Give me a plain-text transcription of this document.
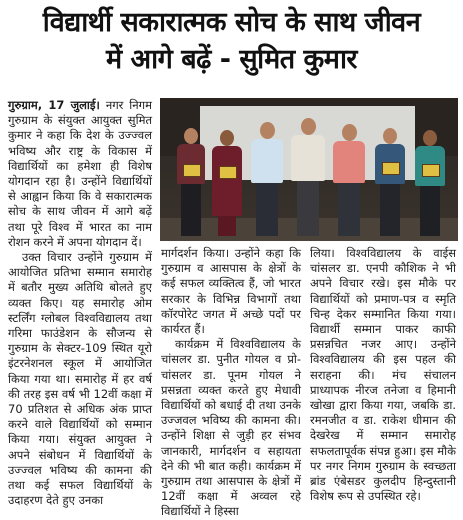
विद्यार्थी सकारात्मक सोच के साथ जीवन
में आगे बढ़ें - सुमित कुमार

गुरुग्राम, 17 जुलाई। नगर निगम गुरुग्राम के संयुक्त आयुक्त सुमित कुमार ने कहा कि देश के उज्ज्वल भविष्य और राष्ट्र के विकास में विद्यार्थियों का हमेशा ही विशेष योगदान रहा है। उन्होंने विद्यार्थियों से आह्वान किया कि वे सकारात्मक सोच के साथ जीवन में आगे बढ़ें तथा पूरे विश्व में भारत का नाम रोशन करने में अपना योगदान दें।

उक्त विचार उन्होंने गुरुग्राम में आयोजित प्रतिभा सम्मान समारोह में बतौर मुख्य अतिथि बोलते हुए व्यक्त किए। यह समारोह ओम स्टर्लिंग ग्लोबल विश्वविद्यालय तथा गरिमा फाउंडेशन के सौजन्य से गुरुग्राम के सेक्टर-109 स्थित यूरो इंटरनेशनल स्कूल में आयोजित किया गया था। समारोह में हर वर्ष की तरह इस वर्ष भी 12वीं कक्षा में 70 प्रतिशत से अधिक अंक प्राप्त करने वाले विद्यार्थियों को सम्मान किया गया। संयुक्त आयुक्त ने अपने संबोधन में विद्यार्थियों के उज्ज्वल भविष्य की कामना की तथा कई सफल विद्यार्थियों के उदाहरण देते हुए उनका

मार्गदर्शन किया। उन्होंने कहा कि गुरुग्राम व आसपास के क्षेत्रों के कई सफल व्यक्तित्व हैं, जो भारत सरकार के विभिन्न विभागों तथा कॉरपोरेट जगत में अच्छे पदों पर कार्यरत हैं।

कार्यक्रम में विश्वविद्यालय के चांसलर डा. पुनीत गोयल व प्रो-चांसलर डा. पूनम गोयल ने प्रसन्नता व्यक्त करते हुए मेधावी विद्यार्थियों को बधाई दी तथा उनके उज्जवल भविष्य की कामना की। उन्होंने शिक्षा से जुड़ी हर संभव जानकारी, मार्गदर्शन व सहायता देने की भी बात कही। कार्यक्रम में गुरुग्राम तथा आसपास के क्षेत्रों में 12वीं कक्षा में अव्वल रहे विद्यार्थियों ने हिस्सा

लिया। विश्वविद्यालय के वाईस चांसलर डा. एनपी कौशिक ने भी अपने विचार रखे। इस मौके पर विद्यार्थियों को प्रमाण-पत्र व स्मृति चिन्ह देकर सम्मानित किया गया। विद्यार्थी सम्मान पाकर काफी प्रसन्नचित नजर आए। उन्होंने विश्वविद्यालय की इस पहल की सराहना की। मंच संचालन प्राध्यापक नीरज तनेजा व हिमानी खोखा द्वारा किया गया, जबकि डा. रमनजीत व डा. राकेश धीमान की देखरेख में सम्मान समारोह सफलतापूर्वक संपन्न हुआ। इस मौके पर नगर निगम गुरुग्राम के स्वच्छता ब्रांड एंबेसडर कुलदीप हिन्दुस्तानी विशेष रूप से उपस्थित रहे।
